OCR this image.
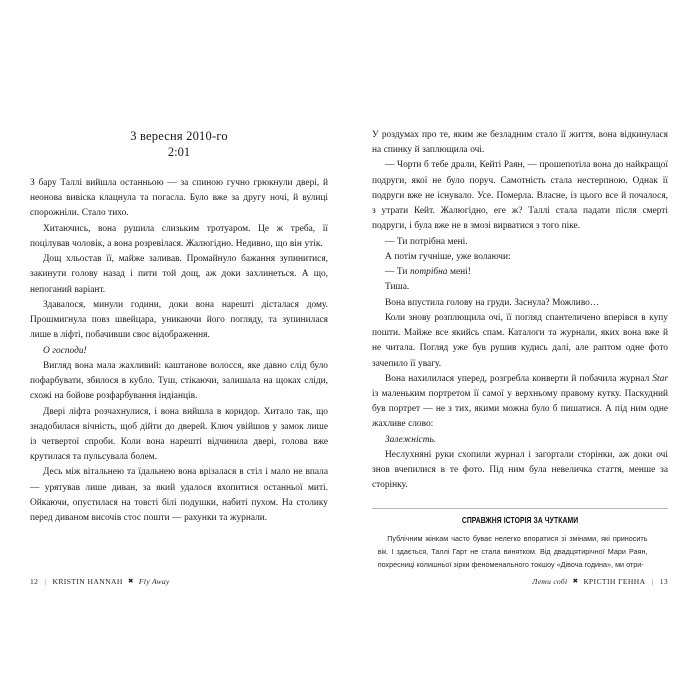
3 вересня 2010-го
2:01

З бару Таллі вийшла останньою — за спиною гучно грюкнули двері, й неонова вивіска клацнула та погасла. Було вже за другу ночі, й вулиці спорожніли. Стало тихо.

Хитаючись, вона рушила слизьким тротуаром. Це ж треба, її поцілував чоловік, а вона розревілася. Жалюгідно. Недивно, що він утік.

Дощ хльостав її, майже заливав. Промайнуло бажання зупинитися, закинути голову назад і пити той дощ, аж доки захлинеться. А що, непоганий варіант.

Здавалося, минули години, доки вона нарешті дісталася дому. Прошмигнула повз швейцара, уникаючи його погляду, та зупинилася лише в ліфті, побачивши своє відображення.

О господи!

Вигляд вона мала жахливий: каштанове волосся, яке давно слід було пофарбувати, збилося в кубло. Туш, стікаючи, залишала на щоках сліди, схожі на бойове розфарбування індіанців.

Двері ліфта розчахнулися, і вона вийшла в коридор. Хитало так, що знадобилася вічність, щоб дійти до дверей. Ключ увійшов у замок лише із четвертої спроби. Коли вона нарешті відчинила двері, голова вже крутилася та пульсувала болем.

Десь між вітальнею та їдальнею вона врізалася в стіл і мало не впала — урятував лише диван, за який удалося вхопитися останньої миті. Ойкаючи, опустилася на товсті білі подушки, набиті пухом. На столику перед диваном височів стос пошти — рахунки та журнали.

12 | KRISTIN HANNAH ✖ Fly Away

У роздумах про те, яким же безладним стало її життя, вона відкинулася на спинку й заплющила очі.

— Чорти б тебе драли, Кейті Раян, — прошепотіла вона до найкращої подруги, якої не було поруч. Самотність стала нестерпною. Однак її подруги вже не існувало. Усе. Померла. Власне, із цього все й почалося, з утрати Кейт. Жалюгідно, еге ж? Таллі стала падати після смерті подруги, і була вже не в змозі вирватися з того піке.

— Ти потрібна мені.

А потім гучніше, уже волаючи:

— Ти потрібна мені!

Тиша.

Вона впустила голову на груди. Заснула? Можливо…

Коли знову розплющила очі, її погляд спантеличено вперівся в купу пошти. Майже все якийсь спам. Каталоги та журнали, яких вона вже й не читала. Погляд уже був рушив кудись далі, але раптом одне фото зачепило її увагу.

Вона нахилилася уперед, розгребла конверти й побачила журнал Star із маленьким портретом її самої у верхньому правому кутку. Паскудний був портрет — не з тих, якими можна було б пишатися. А під ним одне жахливе слово:

Залежність.

Неслухняні руки схопили журнал і загортали сторінки, аж доки очі знов вчепилися в те фото. Під ним була невеличка стаття, менше за сторінку.

СПРАВЖНЯ ІСТОРІЯ ЗА ЧУТКАМИ
Публічним жінкам часто буває нелегко впоратися зі змінами, які приносить вік. І здається, Таллі Гарт не стала винятком. Від двадцятирічної Мари Раян, похресниці колишньої зірки феноменального токшоу «Дівоча година», ми отри-
Лети собі ✖ КРІСТІН ГЕННА | 13
